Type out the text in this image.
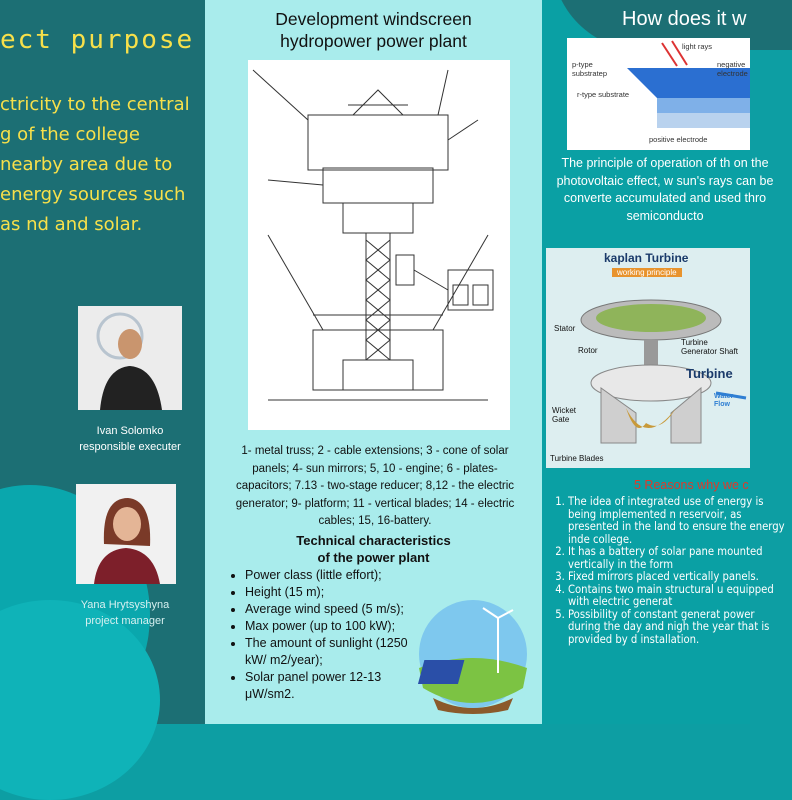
ect purpose
ctricity to the central g of the college nearby area due to energy sources such as nd and solar.
Ivan Solomko
responsible executer
Yana Hrytsyshyna
project manager
Development windscreen
hydropower power plant
1- metal truss; 2 - cable extensions; 3 - cone of solar panels; 4- sun mirrors; 5, 10 - engine; 6 - plates-capacitors; 7.13 - two-stage reducer; 8,12 - the electric generator; 9- platform; 11 - vertical blades; 14 - electric cables; 15, 16-battery.
Technical characteristics
of the power plant
• Power class (little effort);
• Height (15 m);
• Average wind speed (5 m/s);
• Max power (up to 100 kW);
• The amount of sunlight (1250 kW/ m2/year);
• Solar panel power 12-13 μW/sm2.
How does it w
light rays
p-type substratep
negative electrode
r-type substrate
positive electrode
The principle of operation of th on the photovoltaic effect, w sun's rays can be converte accumulated and used thro semiconducto
kaplan Turbine
working principle
Stator
Rotor
Turbine Generator Shaft
Turbine
Water Flow
Wicket Gate
Turbine Blades
5 Reasons why we c
1. The idea of integrated use of energy is being implemented n reservoir, as presented in the land to ensure the energy inde college.
2. It has a battery of solar pane mounted vertically in the form
3. Fixed mirrors placed vertically panels.
4. Contains two main structural u equipped with electric generat
5. Possibility of constant generat power during the day and nigh the year that is provided by d installation.
